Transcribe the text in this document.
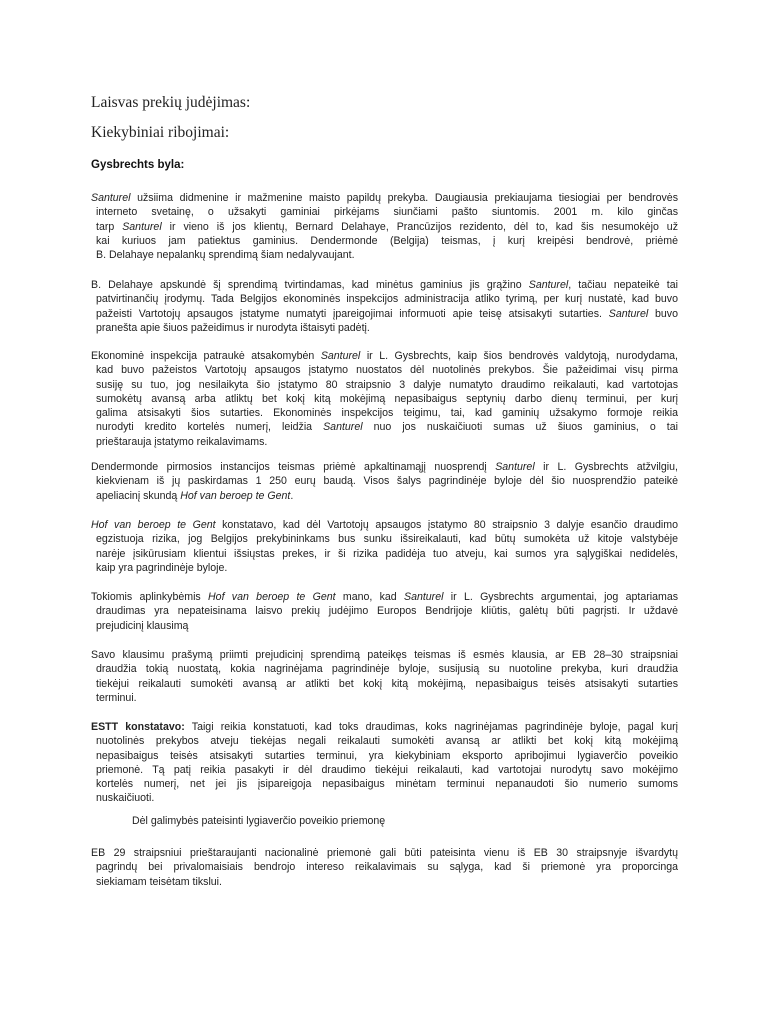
Laisvas prekių judėjimas:
Kiekybiniai ribojimai:
Gysbrechts byla:
Santurel užsiima didmenine ir mažmenine maisto papildų prekyba. Daugiausia prekiaujama tiesiogiai per bendrovės
interneto svetainę, o užsakyti gaminiai pirkėjams siunčiami pašto siuntomis. 2001 m. kilo ginčas
tarp Santurel ir vieno iš jos klientų, Bernard Delahaye, Prancūzijos rezidento, dėl to, kad šis nesumokėjo už
kai kuriuos jam patiektus gaminius. Dendermonde (Belgija) teismas, į kurį kreipėsi bendrovė, priėmė
B. Delahaye nepalankų sprendimą šiam nedalyvaujant.
B. Delahaye apskundė šį sprendimą tvirtindamas, kad minėtus gaminius jis grąžino Santurel, tačiau nepateikė tai
patvirtinančių įrodymų. Tada Belgijos ekonominės inspekcijos administracija atliko tyrimą, per kurį nustatė, kad buvo
pažeisti Vartotojų apsaugos įstatyme numatyti įpareigojimai informuoti apie teisę atsisakyti sutarties. Santurel buvo
pranešta apie šiuos pažeidimus ir nurodyta ištaisyti padėtį.
Ekonominė inspekcija patraukė atsakomybėn Santurel ir L. Gysbrechts, kaip šios bendrovės valdytoją, nurodydama,
kad buvo pažeistos Vartotojų apsaugos įstatymo nuostatos dėl nuotolinės prekybos. Šie pažeidimai visų pirma
susiję su tuo, jog nesilaikyta šio įstatymo 80 straipsnio 3 dalyje numatyto draudimo reikalauti, kad vartotojas
sumokėtų avansą arba atliktų bet kokį kitą mokėjimą nepasibaigus septynių darbo dienų terminui, per kurį
galima atsisakyti šios sutarties. Ekonominės inspekcijos teigimu, tai, kad gaminių užsakymo formoje reikia
nurodyti kredito kortelės numerį, leidžia Santurel nuo jos nuskaičiuoti sumas už šiuos gaminius, o tai
prieštarauja įstatymo reikalavimams.
Dendermonde pirmosios instancijos teismas priėmė apkaltinamąjį nuosprendį Santurel ir L. Gysbrechts atžvilgiu,
kiekvienam iš jų paskirdamas 1 250 eurų baudą. Visos šalys pagrindinėje byloje dėl šio nuosprendžio pateikė
apeliacinį skundą Hof van beroep te Gent.
Hof van beroep te Gent konstatavo, kad dėl Vartotojų apsaugos įstatymo 80 straipsnio 3 dalyje esančio draudimo
egzistuoja rizika, jog Belgijos prekybininkams bus sunku išsireikalauti, kad būtų sumokėta už kitoje valstybėje
narėje įsikūrusiam klientui išsiųstas prekes, ir ši rizika padidėja tuo atveju, kai sumos yra sąlygiškai nedidelės,
kaip yra pagrindinėje byloje.
Tokiomis aplinkybėmis Hof van beroep te Gent mano, kad Santurel ir L. Gysbrechts argumentai, jog aptariamas
draudimas yra nepateisinama laisvo prekių judėjimo Europos Bendrijoje kliūtis, galėtų būti pagrįsti. Ir uždavė
prejudicinį klausimą
Savo klausimu prašymą priimti prejudicinį sprendimą pateikęs teismas iš esmės klausia, ar EB 28–30 straipsniai
draudžia tokią nuostatą, kokia nagrinėjama pagrindinėje byloje, susijusią su nuotoline prekyba, kuri draudžia
tiekėjui reikalauti sumokėti avansą ar atlikti bet kokį kitą mokėjimą, nepasibaigus teisės atsisakyti sutarties
terminui.
ESTT konstatavo: Taigi reikia konstatuoti, kad toks draudimas, koks nagrinėjamas pagrindinėje byloje, pagal kurį
nuotolinės prekybos atveju tiekėjas negali reikalauti sumokėti avansą ar atlikti bet kokį kitą mokėjimą
nepasibaigus teisės atsisakyti sutarties terminui, yra kiekybiniam eksporto apribojimui lygiaverčio poveikio
priemonė. Tą patį reikia pasakyti ir dėl draudimo tiekėjui reikalauti, kad vartotojai nurodytų savo mokėjimo
kortelės numerį, net jei jis įsipareigoja nepasibaigus minėtam terminui nepanaudoti šio numerio sumoms
nuskaičiuoti.
Dėl galimybės pateisinti lygiaverčio poveikio priemonę
EB 29 straipsniui prieštaraujanti nacionalinė priemonė gali būti pateisinta vienu iš EB 30 straipsnyje išvardytų
pagrindų bei privalomaisiais bendrojo intereso reikalavimais su sąlyga, kad ši priemonė yra proporcinga
siekiamam teisėtam tikslui.
